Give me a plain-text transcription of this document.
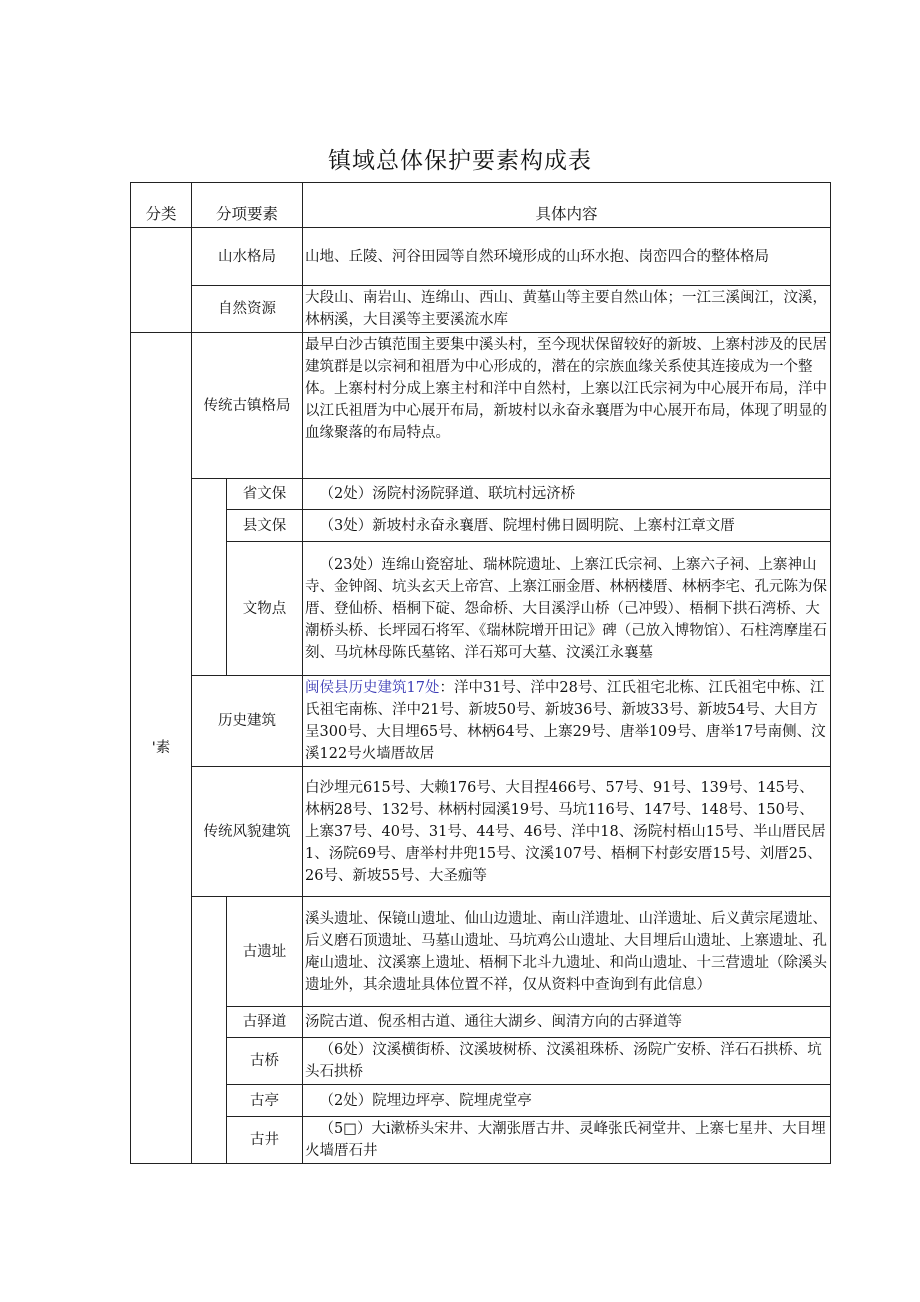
镇域总体保护要素构成表
分类	分项要素		具体内容
	山水格局		山地、丘陵、河谷田园等自然环境形成的山环水抱、岗峦四合的整体格局
	自然资源		大段山、南岩山、连绵山、西山、黄墓山等主要自然山体；一江三溪闽江，汶溪，林柄溪，大目溪等主要溪流水库
'素	传统古镇格局		最早白沙古镇范围主要集中溪头村，至今现状保留较好的新坡、上寨村涉及的民居建筑群是以宗祠和祖厝为中心形成的，潜在的宗族血缘关系使其连接成为一个整体。上寨村村分成上寨主村和洋中自然村，上寨以江氏宗祠为中心展开布局，洋中以江氏祖厝为中心展开布局，新坡村以永奋永襄厝为中心展开布局，体现了明显的血缘聚落的布局特点。
		省文保	（2处）汤院村汤院驿道、联坑村远济桥
		县文保	（3处）新坡村永奋永襄厝、院埋村佛日圆明院、上寨村江章文厝
		文物点	（23处）连绵山瓷窑址、瑞林院遗址、上寨江氏宗祠、上寨六子祠、上寨神山寺、金钟阁、坑头玄天上帝宫、上寨江丽金厝、林柄楼厝、林柄李宅、孔元陈为保厝、登仙桥、梧桐下碇、怨命桥、大目溪浮山桥（己冲毁）、梧桐下拱石湾桥、大潮桥头桥、长坪园石将军、《瑞林院增开田记》碑（己放入博物馆）、石柱湾摩崖石刻、马坑林母陈氏墓铭、洋石郑可大墓、汶溪江永襄墓
	历史建筑		闽侯县历史建筑17处：洋中31号、洋中28号、江氏祖宅北栋、江氏祖宅中栋、江氏祖宅南栋、洋中21号、新坡50号、新坡36号、新坡33号、新坡54号、大目方呈300号、大目埋65号、林柄64号、上寨29号、唐举109号、唐举17号南侧、汶溪122号火墙厝故居
	传统风貌建筑		白沙埋元615号、大赖176号、大目捏466号、57号、91号、139号、145号、林柄28号、132号、林柄村园溪19号、马坑116号、147号、148号、150号、上寨37号、40号、31号、44号、46号、洋中18、汤院村梧山15号、半山厝民居1、汤院69号、唐举村井兜15号、汶溪107号、梧桐下村彭安厝15号、刘厝25、26号、新坡55号、大圣痂等
		古遗址	溪头遗址、保镜山遗址、仙山边遗址、南山洋遗址、山洋遗址、后义黄宗尾遗址、后义磨石顶遗址、马墓山遗址、马坑鸡公山遗址、大目埋后山遗址、上寨遗址、孔庵山遗址、汶溪寨上遗址、梧桐下北斗九遗址、和尚山遗址、十三营遗址（除溪头遗址外，其余遗址具体位置不祥，仅从资料中查询到有此信息）
		古驿道	汤院古道、倪丞相古道、通往大湖乡、闽清方向的古驿道等
		古桥	（6处）汶溪横街桥、汶溪坡树桥、汶溪祖珠桥、汤院广安桥、洋石石拱桥、坑头石拱桥
		古亭	（2处）院埋边坪亭、院埋虎堂亭
		古井	（5□）大ⅰ漱桥头宋井、大潮张厝古井、灵峰张氏祠堂井、上寨七星井、大目埋火墙厝石井
